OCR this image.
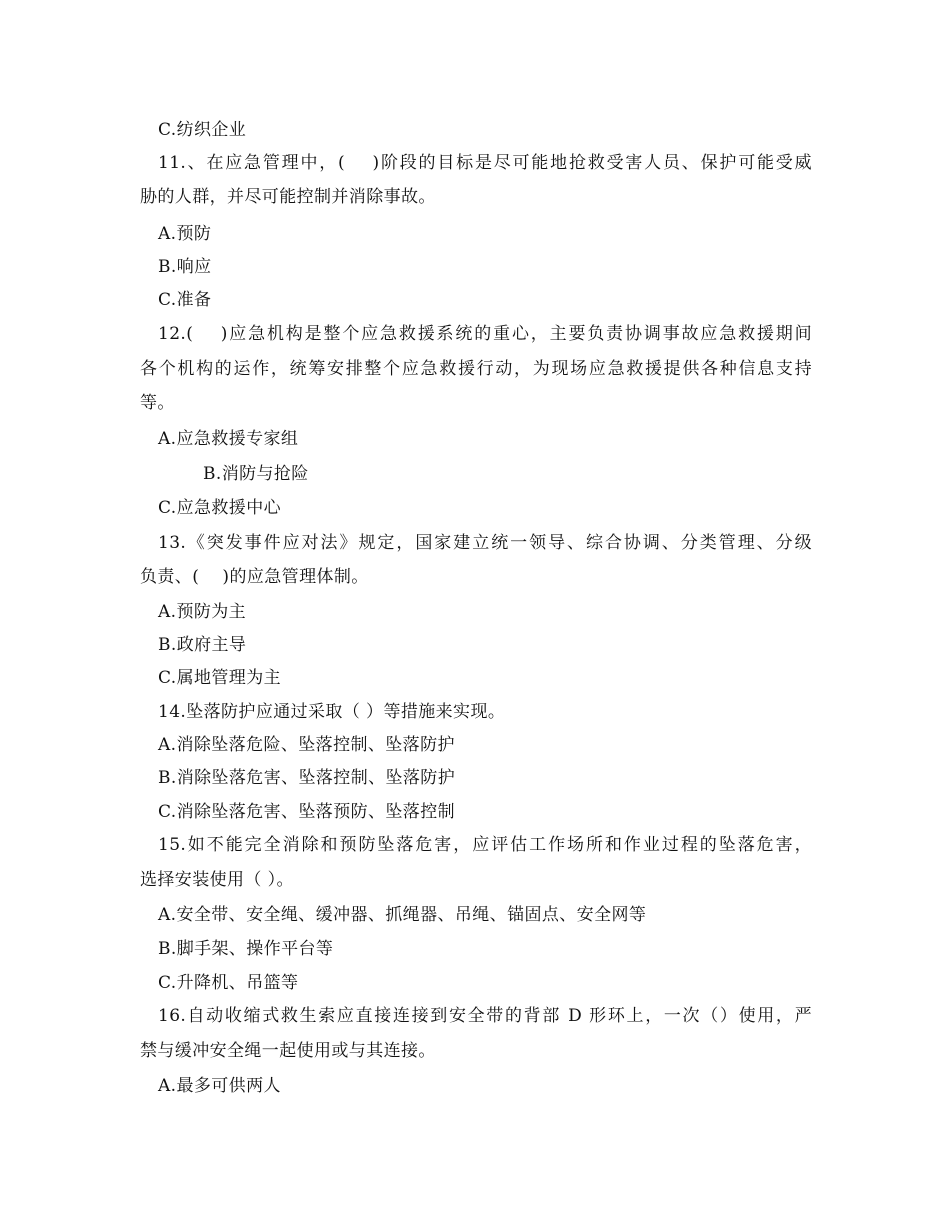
C.纺织企业
11.、在应急管理中，(　 )阶段的目标是尽可能地抢救受害人员、保护可能受威
胁的人群，并尽可能控制并消除事故。
A.预防
B.响应
C.准备
12.(　 )应急机构是整个应急救援系统的重心，主要负责协调事故应急救援期间
各个机构的运作，统筹安排整个应急救援行动，为现场应急救援提供各种信息支持
等。
A.应急救援专家组
B.消防与抢险
C.应急救援中心
13.《突发事件应对法》规定，国家建立统一领导、综合协调、分类管理、分级
负责、(　 )的应急管理体制。
A.预防为主
B.政府主导
C.属地管理为主
14.坠落防护应通过采取（ ）等措施来实现。
A.消除坠落危险、坠落控制、坠落防护
B.消除坠落危害、坠落控制、坠落防护
C.消除坠落危害、坠落预防、坠落控制
15.如不能完全消除和预防坠落危害，应评估工作场所和作业过程的坠落危害，
选择安装使用（ ）。
A.安全带、安全绳、缓冲器、抓绳器、吊绳、锚固点、安全网等
B.脚手架、操作平台等
C.升降机、吊篮等
16.自动收缩式救生索应直接连接到安全带的背部 D 形环上，一次（）使用，严
禁与缓冲安全绳一起使用或与其连接。
A.最多可供两人
